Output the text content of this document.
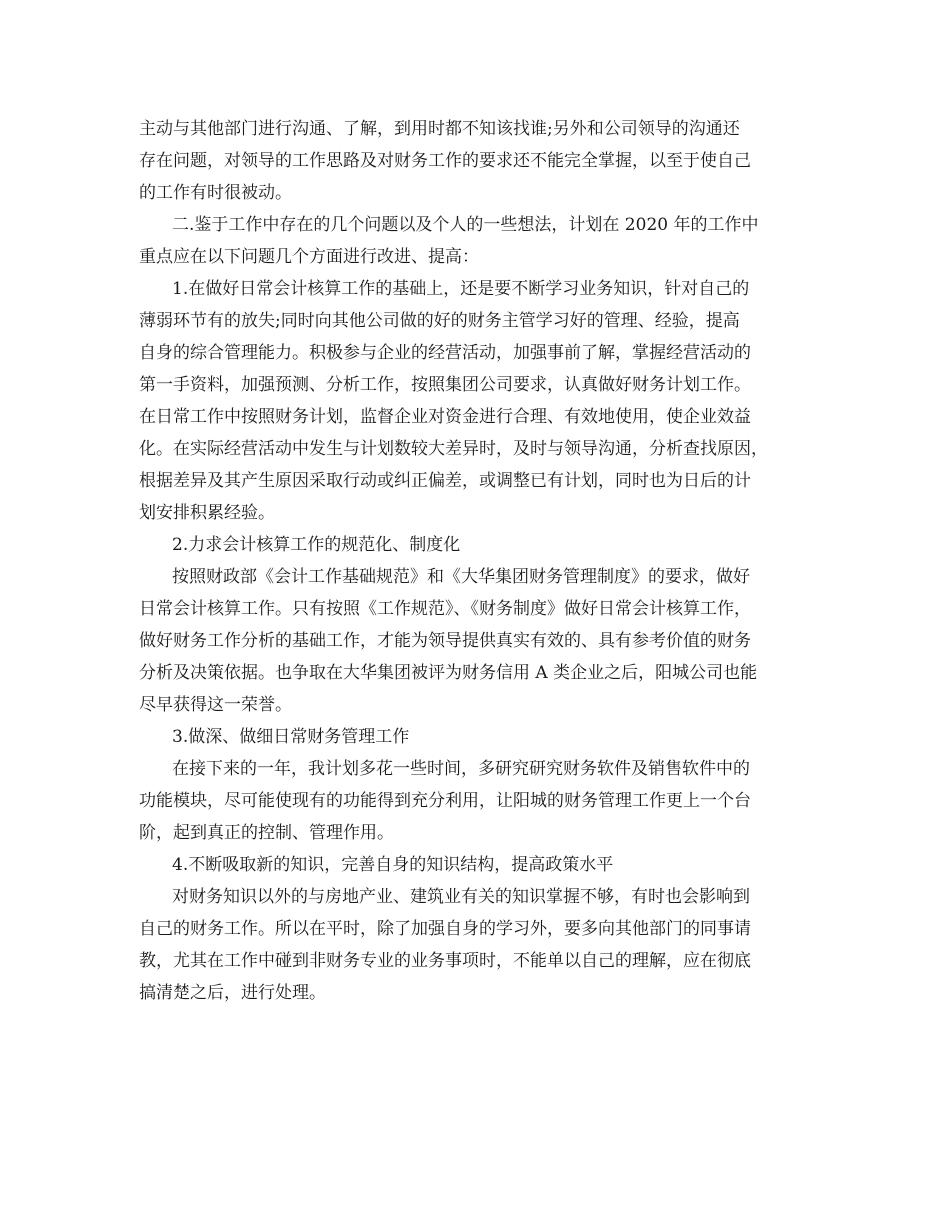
主动与其他部门进行沟通、了解，到用时都不知该找谁;另外和公司领导的沟通还
存在问题，对领导的工作思路及对财务工作的要求还不能完全掌握，以至于使自己
的工作有时很被动。
二.鉴于工作中存在的几个问题以及个人的一些想法，计划在 2020 年的工作中
重点应在以下问题几个方面进行改进、提高：
1.在做好日常会计核算工作的基础上，还是要不断学习业务知识，针对自己的
薄弱环节有的放失;同时向其他公司做的好的财务主管学习好的管理、经验，提高
自身的综合管理能力。积极参与企业的经营活动，加强事前了解，掌握经营活动的
第一手资料，加强预测、分析工作，按照集团公司要求，认真做好财务计划工作。
在日常工作中按照财务计划，监督企业对资金进行合理、有效地使用，使企业效益
化。在实际经营活动中发生与计划数较大差异时，及时与领导沟通，分析查找原因，
根据差异及其产生原因采取行动或纠正偏差，或调整已有计划，同时也为日后的计
划安排积累经验。
2.力求会计核算工作的规范化、制度化
按照财政部《会计工作基础规范》和《大华集团财务管理制度》的要求，做好
日常会计核算工作。只有按照《工作规范》、《财务制度》做好日常会计核算工作，
做好财务工作分析的基础工作，才能为领导提供真实有效的、具有参考价值的财务
分析及决策依据。也争取在大华集团被评为财务信用 A 类企业之后，阳城公司也能
尽早获得这一荣誉。
3.做深、做细日常财务管理工作
在接下来的一年，我计划多花一些时间，多研究研究财务软件及销售软件中的
功能模块，尽可能使现有的功能得到充分利用，让阳城的财务管理工作更上一个台
阶，起到真正的控制、管理作用。
4.不断吸取新的知识，完善自身的知识结构，提高政策水平
对财务知识以外的与房地产业、建筑业有关的知识掌握不够，有时也会影响到
自己的财务工作。所以在平时，除了加强自身的学习外，要多向其他部门的同事请
教，尤其在工作中碰到非财务专业的业务事项时，不能单以自己的理解，应在彻底
搞清楚之后，进行处理。
